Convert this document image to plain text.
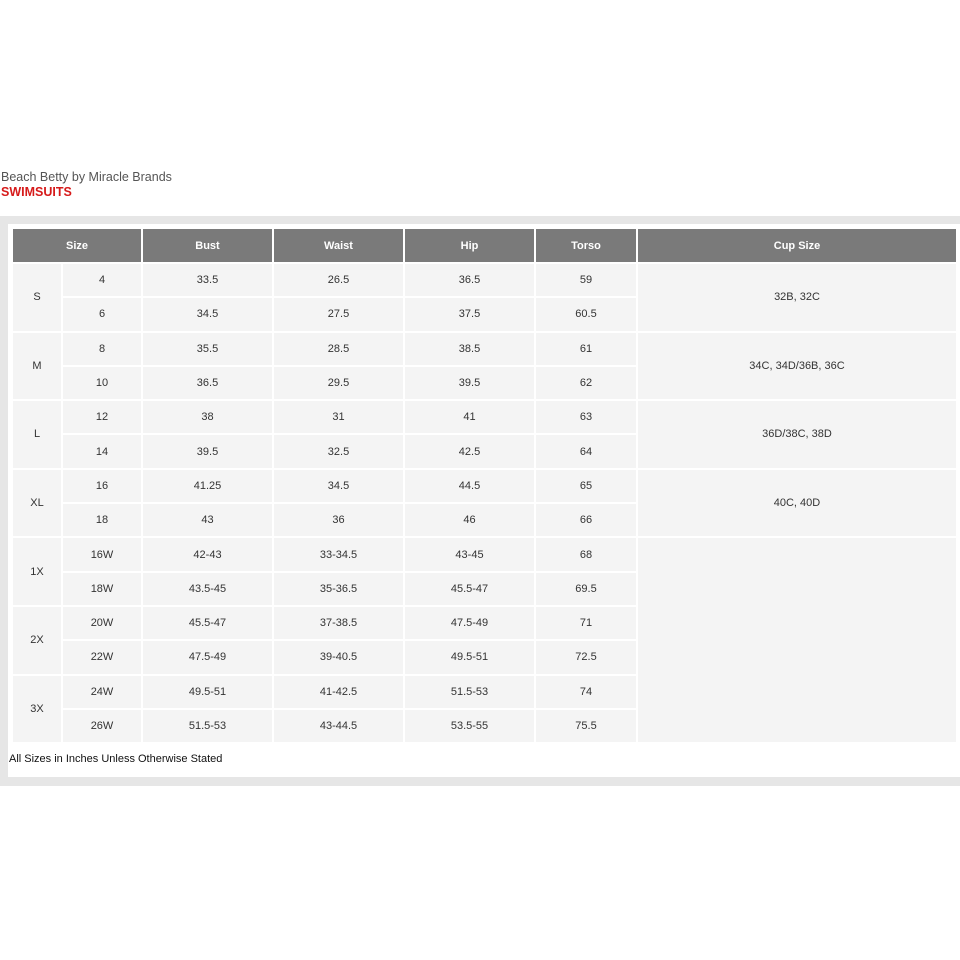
Beach Betty by Miracle Brands
SWIMSUITS
Size		Bust	Waist	Hip	Torso	Cup Size
S	4	33.5	26.5	36.5	59	32B, 32C
	6	34.5	27.5	37.5	60.5	
M	8	35.5	28.5	38.5	61	34C, 34D/36B, 36C
	10	36.5	29.5	39.5	62	
L	12	38	31	41	63	36D/38C, 38D
	14	39.5	32.5	42.5	64	
XL	16	41.25	34.5	44.5	65	40C, 40D
	18	43	36	46	66	
1X	16W	42-43	33-34.5	43-45	68	
	18W	43.5-45	35-36.5	45.5-47	69.5	
2X	20W	45.5-47	37-38.5	47.5-49	71	
	22W	47.5-49	39-40.5	49.5-51	72.5	
3X	24W	49.5-51	41-42.5	51.5-53	74	
	26W	51.5-53	43-44.5	53.5-55	75.5	
All Sizes in Inches Unless Otherwise Stated
